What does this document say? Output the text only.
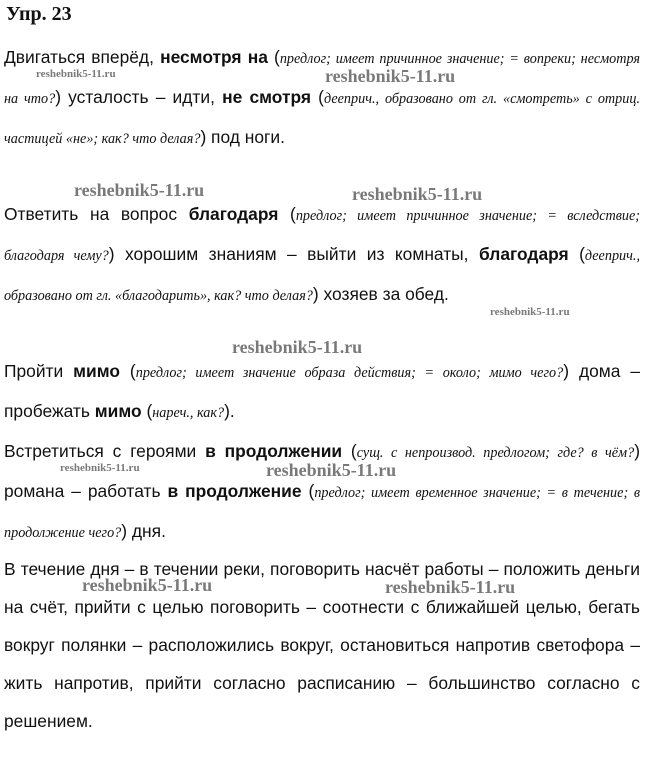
Упр. 23

Двигаться вперёд, несмотря на (предлог; имеет причинное значение; = вопреки; несмотря на что?) усталость – идти, не смотря (дееприч., образовано от гл. «смотреть» с отриц. частицей «не»; как? что делая?) под ноги.

Ответить на вопрос благодаря (предлог; имеет причинное значение; = вследствие; благодаря чему?) хорошим знаниям – выйти из комнаты, благодаря (дееприч., образовано от гл. «благодарить», как? что делая?) хозяев за обед.

Пройти мимо (предлог; имеет значение образа действия; = около; мимо чего?) дома – пробежать мимо (нареч., как?).

Встретиться с героями в продолжении (сущ. с непроизвод. предлогом; где? в чём?) романа – работать в продолжение (предлог; имеет временное значение; = в течение; в продолжение чего?) дня.

В течение дня – в течении реки, поговорить насчёт работы – положить деньги на счёт, прийти с целью поговорить – соотнести с ближайшей целью, бегать вокруг полянки – расположились вокруг, остановиться напротив светофора – жить напротив, прийти согласно расписанию – большинство согласно с решением.

reshebnik5-11.ru	reshebnik5-11.ru
reshebnik5-11.ru	reshebnik5-11.ru
reshebnik5-11.ru
reshebnik5-11.ru
reshebnik5-11.ru	reshebnik5-11.ru
reshebnik5-11.ru	reshebnik5-11.ru
